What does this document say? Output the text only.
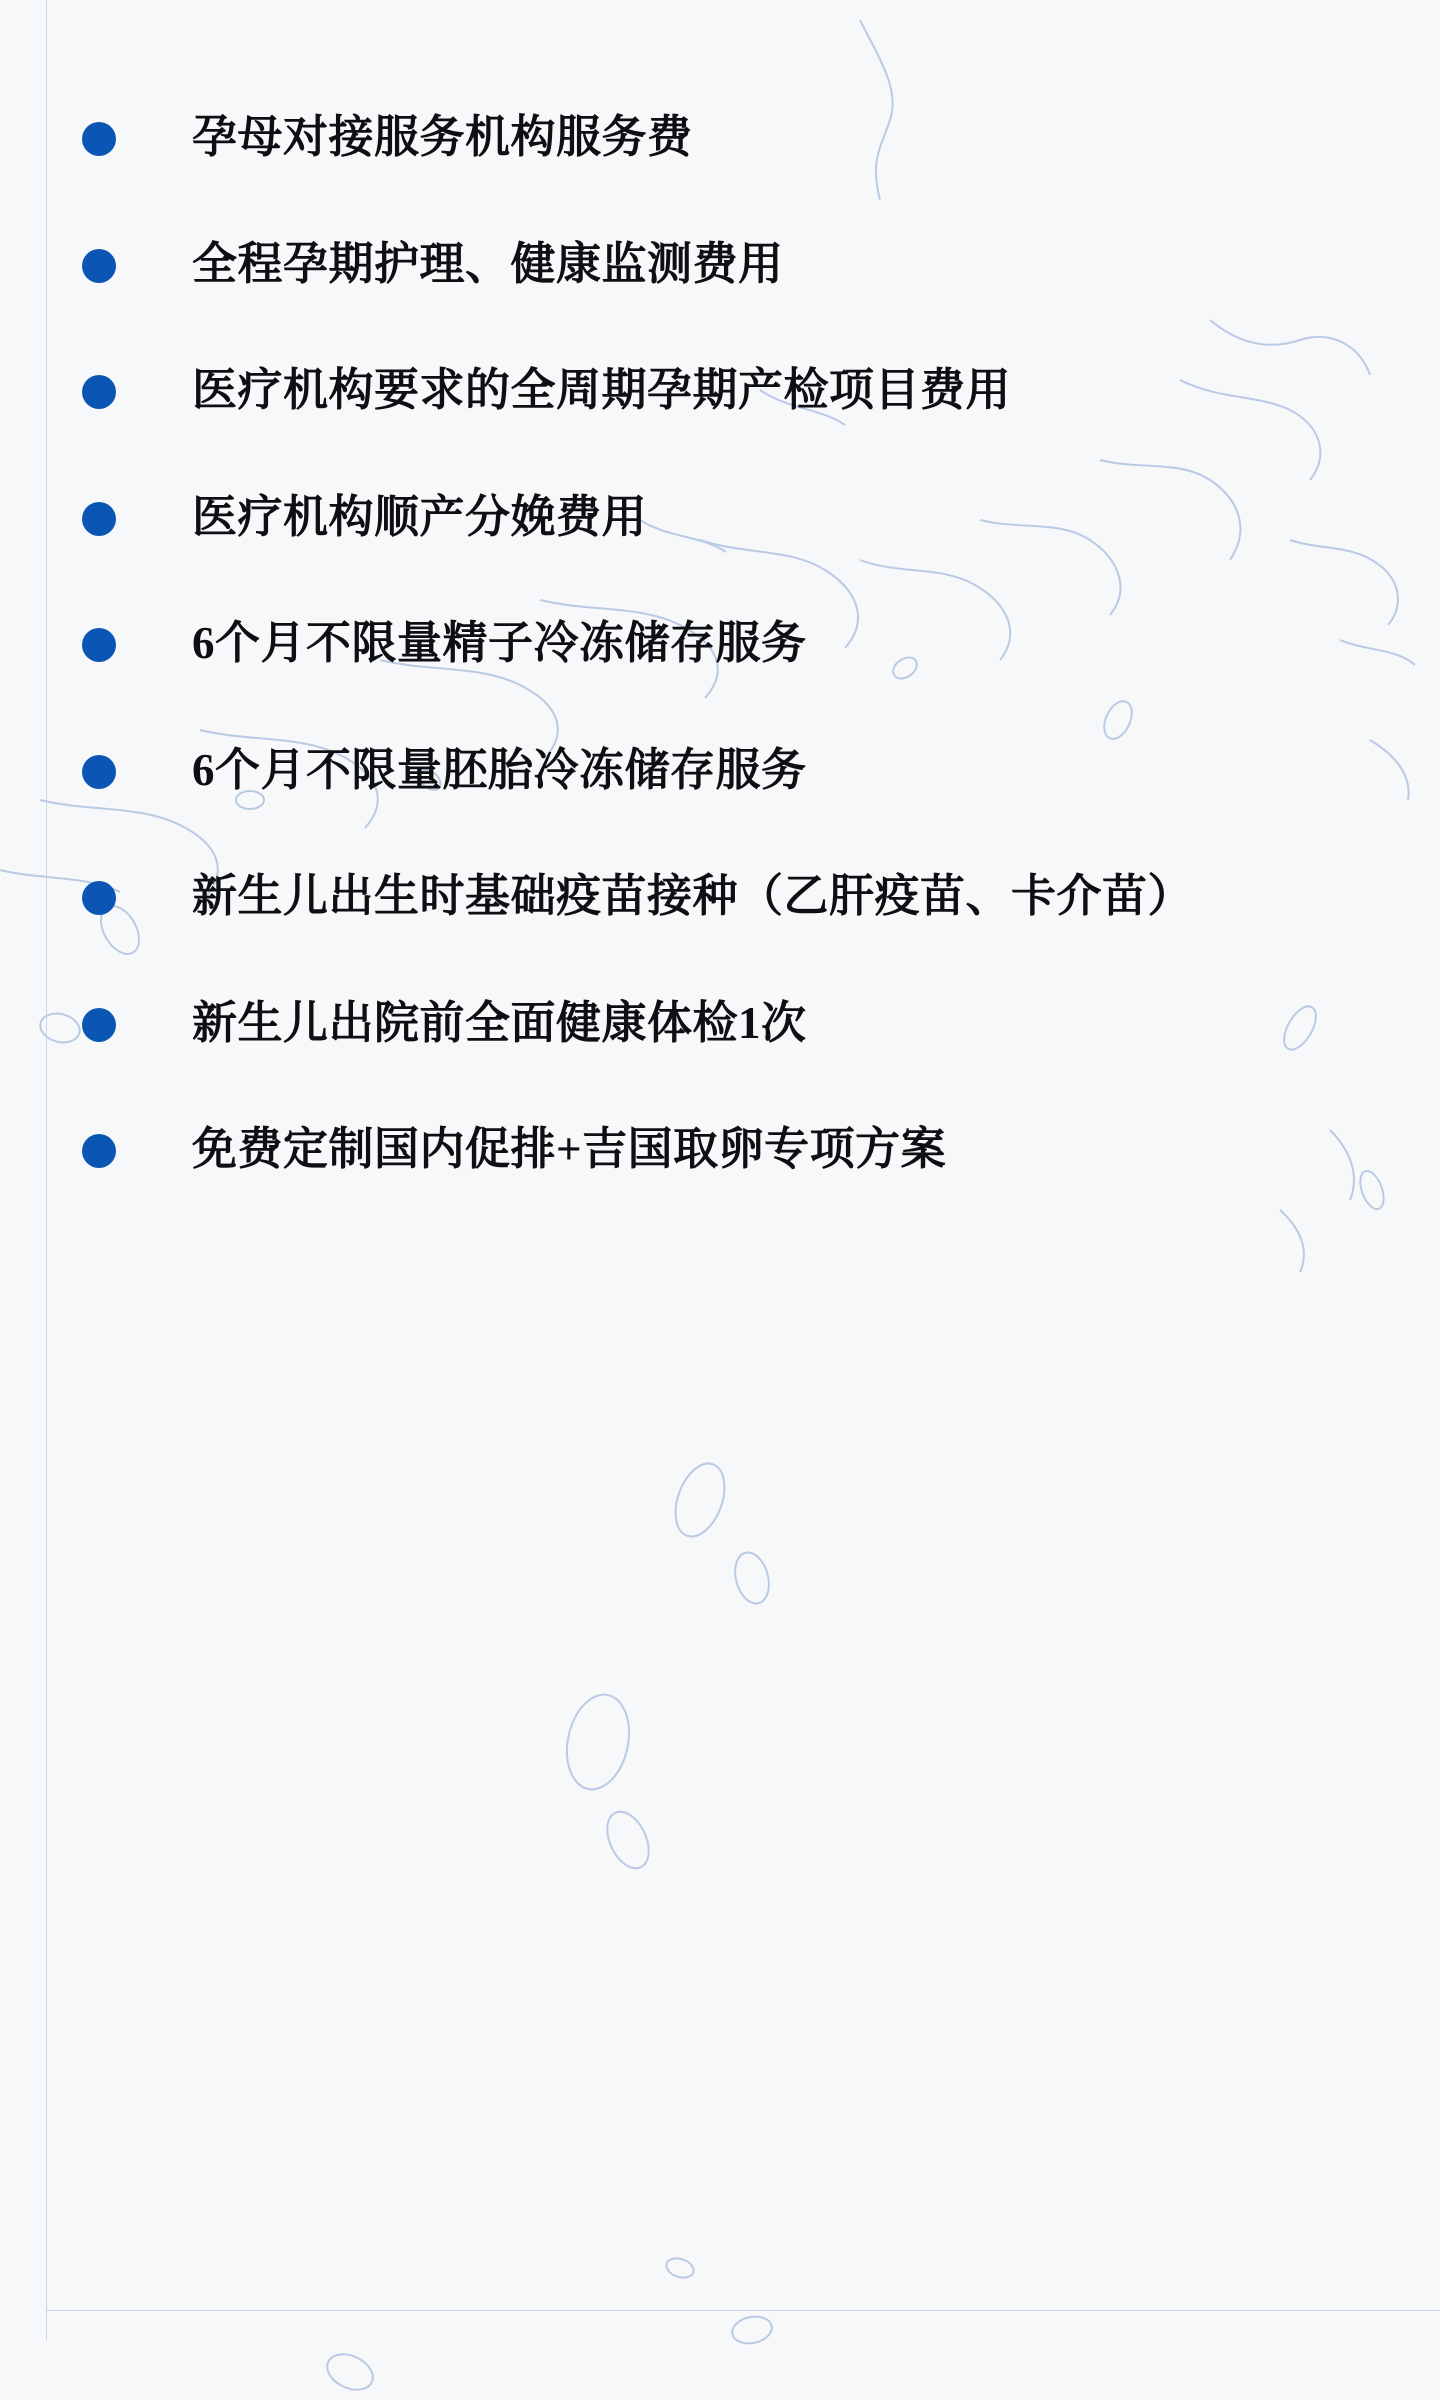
孕母对接服务机构服务费
全程孕期护理、健康监测费用
医疗机构要求的全周期孕期产检项目费用
医疗机构顺产分娩费用
6个月不限量精子冷冻储存服务
6个月不限量胚胎冷冻储存服务
新生儿出生时基础疫苗接种（乙肝疫苗、卡介苗）
新生儿出院前全面健康体检1次
免费定制国内促排+吉国取卵专项方案
